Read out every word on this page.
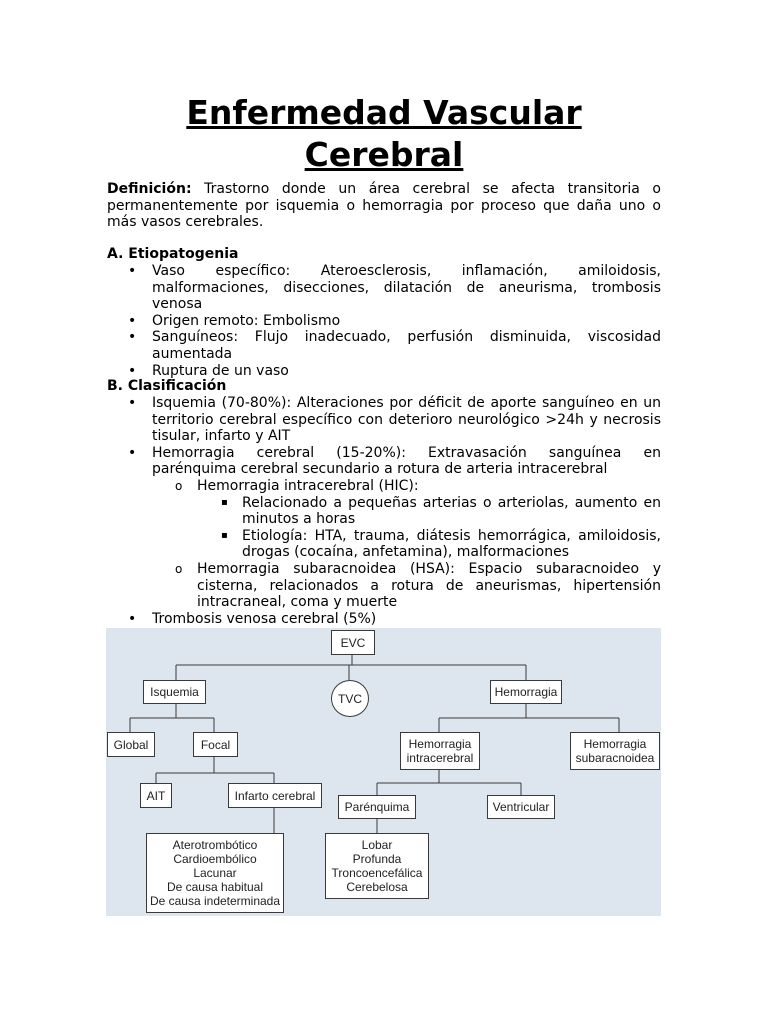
Enfermedad Vascular
Cerebral
Definición: Trastorno donde un área cerebral se afecta transitoria o permanentemente por isquemia o hemorragia por proceso que daña uno o más vasos cerebrales.
A. Etiopatogenia
• Vaso específico: Ateroesclerosis, inflamación, amiloidosis, malformaciones, disecciones, dilatación de aneurisma, trombosis venosa
• Origen remoto: Embolismo
• Sanguíneos: Flujo inadecuado, perfusión disminuida, viscosidad aumentada
• Ruptura de un vaso
B. Clasificación
• Isquemia (70-80%): Alteraciones por déficit de aporte sanguíneo en un territorio cerebral específico con deterioro neurológico >24h y necrosis tisular, infarto y AIT
• Hemorragia cerebral (15-20%): Extravasación sanguínea en parénquima cerebral secundario a rotura de arteria intracerebral
o Hemorragia intracerebral (HIC):
▪ Relacionado a pequeñas arterias o arteriolas, aumento en minutos a horas
▪ Etiología: HTA, trauma, diátesis hemorrágica, amiloidosis, drogas (cocaína, anfetamina), malformaciones
o Hemorragia subaracnoidea (HSA): Espacio subaracnoideo y cisterna, relacionados a rotura de aneurismas, hipertensión intracraneal, coma y muerte
• Trombosis venosa cerebral (5%)
EVC
Isquemia	TVC	Hemorragia
Global	Focal	Hemorragia
intracerebral
Hemorragia
subaracnoidea
AIT	Infarto cerebral
Parénquima	Ventricular
Aterotrombótico
Cardioembólico
Lacunar
De causa habitual
De causa indeterminada
Lobar
Profunda
Troncoencefálica
Cerebelosa
